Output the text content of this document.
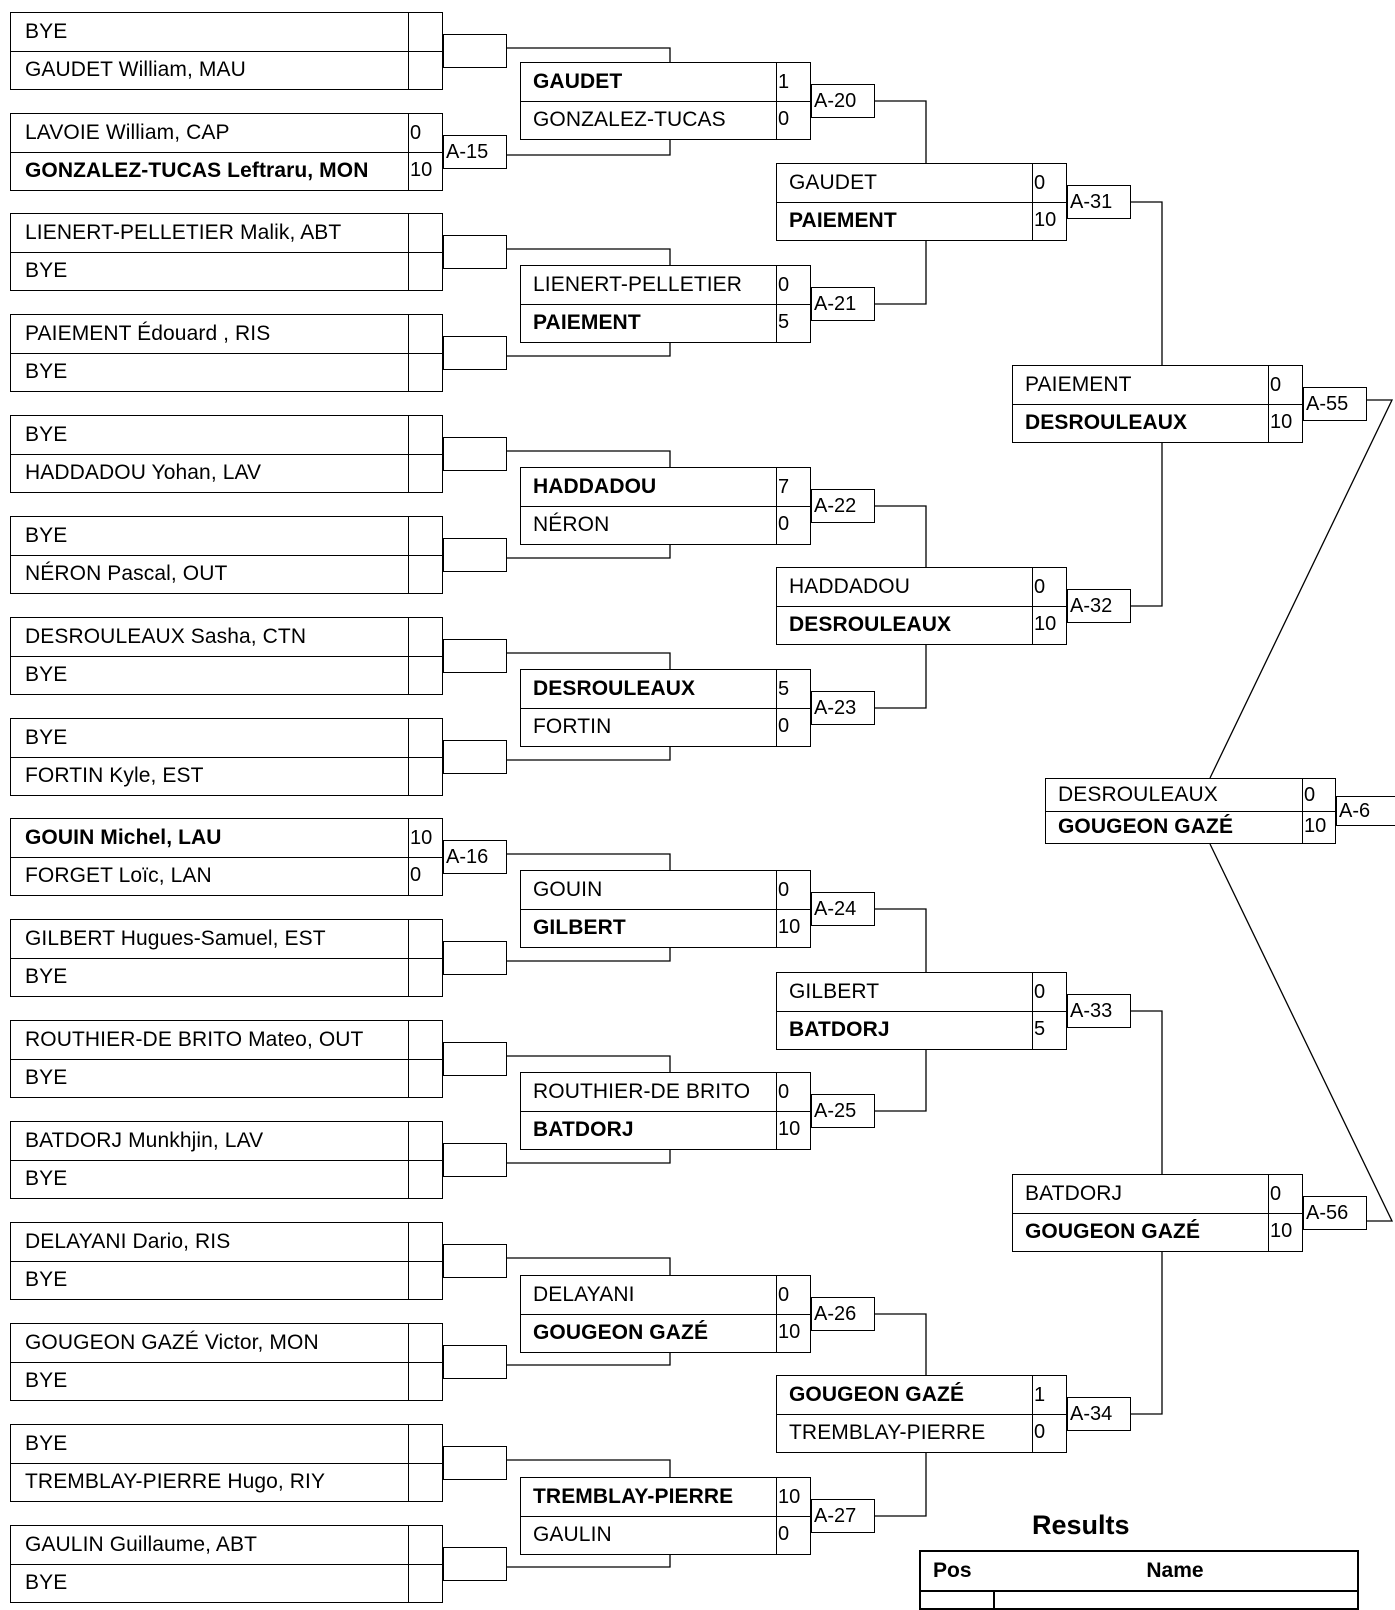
BYE
GAUDET William, MAU
LAVOIE William, CAP	0
GONZALEZ-TUCAS Leftraru, MON	10
A-15
LIENERT-PELLETIER Malik, ABT
BYE
PAIEMENT Édouard , RIS
BYE
BYE
HADDADOU Yohan, LAV
BYE
NÉRON Pascal, OUT
DESROULEAUX Sasha, CTN
BYE
BYE
FORTIN Kyle, EST
GOUIN Michel, LAU	10
FORGET Loïc, LAN	0
A-16
GILBERT Hugues-Samuel, EST
BYE
ROUTHIER-DE BRITO Mateo, OUT
BYE
BATDORJ Munkhjin, LAV
BYE
DELAYANI Dario, RIS
BYE
GOUGEON GAZÉ Victor, MON
BYE
BYE
TREMBLAY-PIERRE Hugo, RIY
GAULIN Guillaume, ABT
BYE
GAUDET	1
GONZALEZ-TUCAS	0
A-20
LIENERT-PELLETIER	0
PAIEMENT	5
A-21
HADDADOU	7
NÉRON	0
A-22
DESROULEAUX	5
FORTIN	0
A-23
GOUIN	0
GILBERT	10
A-24
ROUTHIER-DE BRITO	0
BATDORJ	10
A-25
DELAYANI	0
GOUGEON GAZÉ	10
A-26
TREMBLAY-PIERRE	10
GAULIN	0
A-27
GAUDET	0
PAIEMENT	10
A-31
HADDADOU	0
DESROULEAUX	10
A-32
GILBERT	0
BATDORJ	5
A-33
GOUGEON GAZÉ	1
TREMBLAY-PIERRE	0
A-34
PAIEMENT	0
DESROULEAUX	10
A-55
BATDORJ	0
GOUGEON GAZÉ	10
A-56
DESROULEAUX	0
GOUGEON GAZÉ	10
A-6
Results
Pos	Name
